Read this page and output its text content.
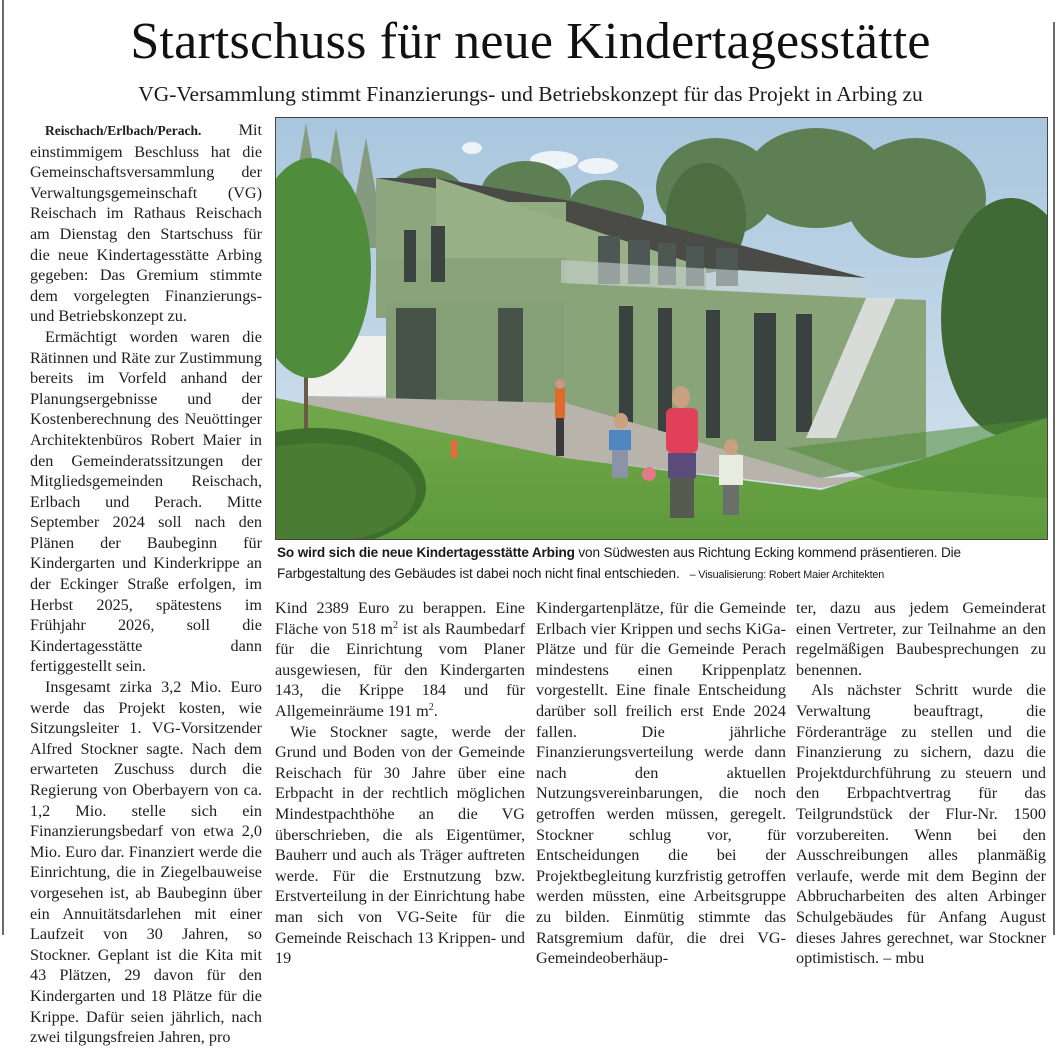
Startschuss für neue Kindertagesstätte
VG-Versammlung stimmt Finanzierungs- und Betriebskonzept für das Projekt in Arbing zu

Reischach/Erlbach/Perach. Mit einstimmigem Beschluss hat die Gemeinschaftsversammlung der Verwaltungsgemeinschaft (VG) Reischach im Rathaus Reischach am Dienstag den Startschuss für die neue Kindertagesstätte Arbing gegeben: Das Gremium stimmte dem vorgelegten Finanzierungs- und Betriebskonzept zu.

Ermächtigt worden waren die Rätinnen und Räte zur Zustimmung bereits im Vorfeld anhand der Planungsergebnisse und der Kostenberechnung des Neuöttinger Architektenbüros Robert Maier in den Gemeinderatssitzungen der Mitgliedsgemeinden Reischach, Erlbach und Perach. Mitte September 2024 soll nach den Plänen der Baubeginn für Kindergarten und Kinderkrippe an der Eckinger Straße erfolgen, im Herbst 2025, spätestens im Frühjahr 2026, soll die Kindertagesstätte dann fertiggestellt sein.

Insgesamt zirka 3,2 Mio. Euro werde das Projekt kosten, wie Sitzungsleiter 1. VG-Vorsitzender Alfred Stockner sagte. Nach dem erwarteten Zuschuss durch die Regierung von Oberbayern von ca. 1,2 Mio. stelle sich ein Finanzierungsbedarf von etwa 2,0 Mio. Euro dar. Finanziert werde die Einrichtung, die in Ziegelbauweise vorgesehen ist, ab Baubeginn über ein Annuitätsdarlehen mit einer Laufzeit von 30 Jahren, so Stockner. Geplant ist die Kita mit 43 Plätzen, 29 davon für den Kindergarten und 18 Plätze für die Krippe. Dafür seien jährlich, nach zwei tilgungsfreien Jahren, pro

So wird sich die neue Kindertagesstätte Arbing von Südwesten aus Richtung Ecking kommend präsentieren. Die Farbgestaltung des Gebäudes ist dabei noch nicht final entschieden. – Visualisierung: Robert Maier Architekten

Kind 2389 Euro zu berappen. Eine Fläche von 518 $m^2$ ist als Raumbedarf für die Einrichtung vom Planer ausgewiesen, für den Kindergarten 143, die Krippe 184 und für Allgemeinräume 191 $m^2$.

Wie Stockner sagte, werde der Grund und Boden von der Gemeinde Reischach für 30 Jahre über eine Erbpacht in der rechtlich möglichen Mindestpachthöhe an die VG überschrieben, die als Eigentümer, Bauherr und auch als Träger auftreten werde. Für die Erstnutzung bzw. Erstverteilung in der Einrichtung habe man sich von VG-Seite für die Gemeinde Reischach 13 Krippen- und 19

Kindergartenplätze, für die Gemeinde Erlbach vier Krippen und sechs KiGa-Plätze und für die Gemeinde Perach mindestens einen Krippenplatz vorgestellt. Eine finale Entscheidung darüber soll freilich erst Ende 2024 fallen. Die jährliche Finanzierungsverteilung werde dann nach den aktuellen Nutzungsvereinbarungen, die noch getroffen werden müssen, geregelt. Stockner schlug vor, für Entscheidungen die bei der Projektbegleitung kurzfristig getroffen werden müssten, eine Arbeitsgruppe zu bilden. Einmütig stimmte das Ratsgremium dafür, die drei VG-Gemeindeoberhäup-

ter, dazu aus jedem Gemeinderat einen Vertreter, zur Teilnahme an den regelmäßigen Baubesprechungen zu benennen.

Als nächster Schritt wurde die Verwaltung beauftragt, die Förderanträge zu stellen und die Finanzierung zu sichern, dazu die Projektdurchführung zu steuern und den Erbpachtvertrag für das Teilgrundstück der Flur-Nr. 1500 vorzubereiten. Wenn bei den Ausschreibungen alles planmäßig verlaufe, werde mit dem Beginn der Abbrucharbeiten des alten Arbinger Schulgebäudes für Anfang August dieses Jahres gerechnet, war Stockner optimistisch. – mbu
